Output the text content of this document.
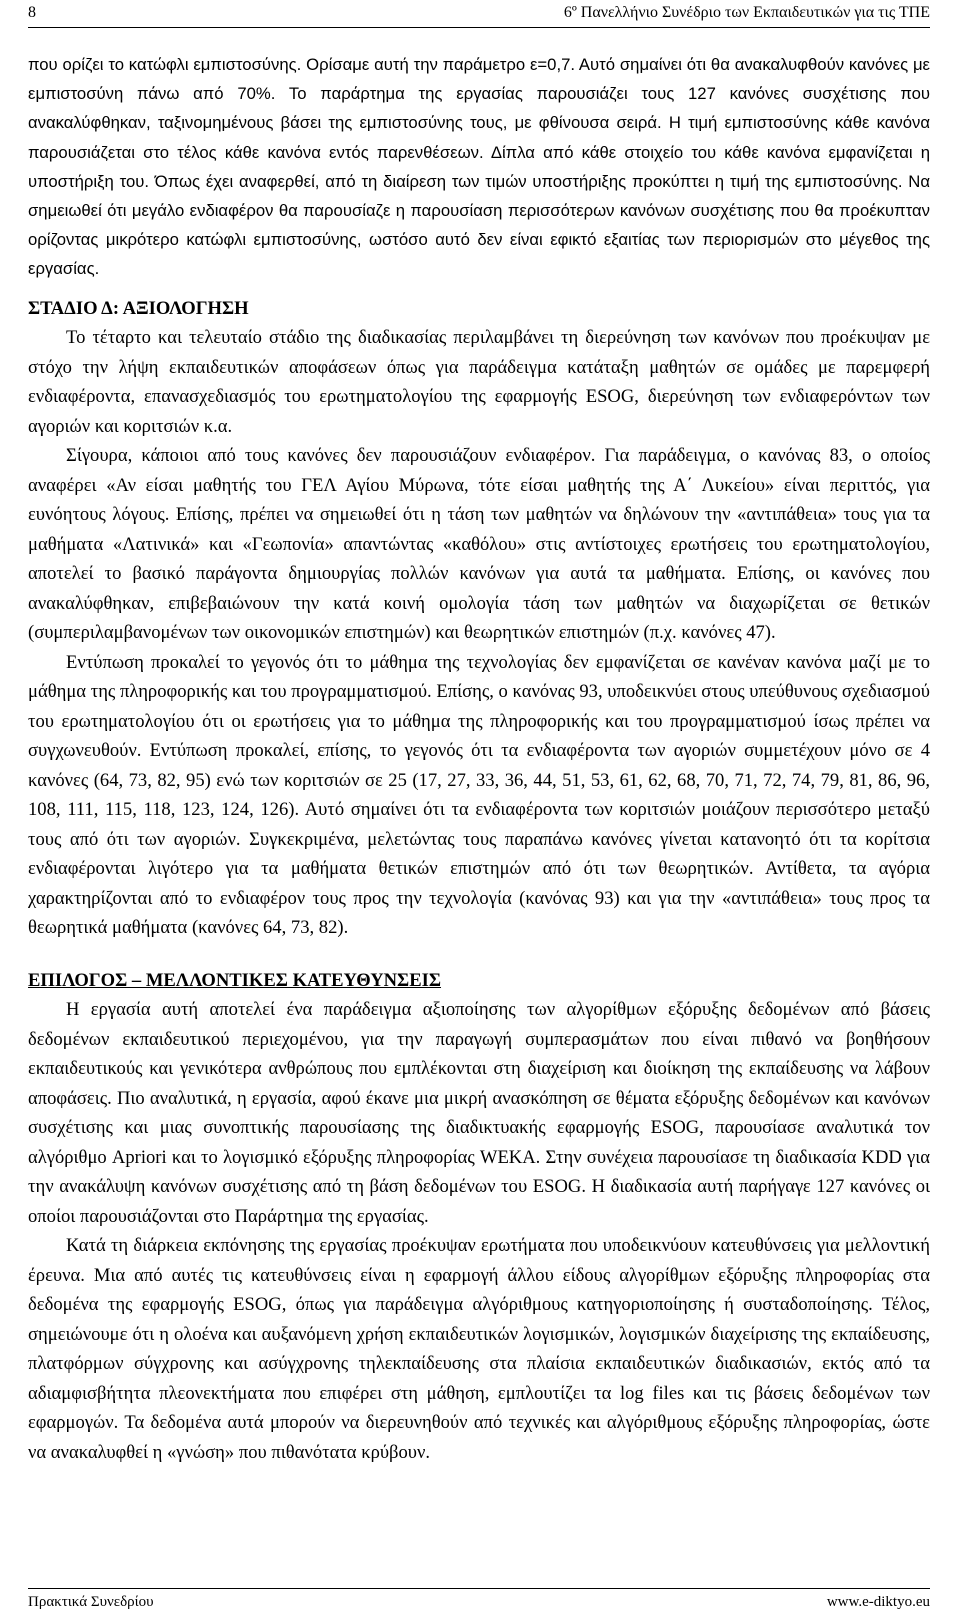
8	6º Πανελλήνιο Συνέδριο των Εκπαιδευτικών για τις ΤΠΕ

που ορίζει το κατώφλι εμπιστοσύνης. Ορίσαμε αυτή την παράμετρο ε=0,7. Αυτό σημαίνει ότι θα ανακαλυφθούν κανόνες με εμπιστοσύνη πάνω από 70%. Το παράρτημα της εργασίας παρουσιάζει τους 127 κανόνες συσχέτισης που ανακαλύφθηκαν, ταξινομημένους βάσει της εμπιστοσύνης τους, με φθίνουσα σειρά. Η τιμή εμπιστοσύνης κάθε κανόνα παρουσιάζεται στο τέλος κάθε κανόνα εντός παρενθέσεων. Δίπλα από κάθε στοιχείο του κάθε κανόνα εμφανίζεται η υποστήριξη του. Όπως έχει αναφερθεί, από τη διαίρεση των τιμών υποστήριξης προκύπτει η τιμή της εμπιστοσύνης. Να σημειωθεί ότι μεγάλο ενδιαφέρον θα παρουσίαζε η παρουσίαση περισσότερων κανόνων συσχέτισης που θα προέκυπταν ορίζοντας μικρότερο κατώφλι εμπιστοσύνης, ωστόσο αυτό δεν είναι εφικτό εξαιτίας των περιορισμών στο μέγεθος της εργασίας.

ΣΤΑΔΙΟ Δ: ΑΞΙΟΛΟΓΗΣΗ

Το τέταρτο και τελευταίο στάδιο της διαδικασίας περιλαμβάνει τη διερεύνηση των κανόνων που προέκυψαν με στόχο την λήψη εκπαιδευτικών αποφάσεων όπως για παράδειγμα κατάταξη μαθητών σε ομάδες με παρεμφερή ενδιαφέροντα, επανασχεδιασμός του ερωτηματολογίου της εφαρμογής ESOG, διερεύνηση των ενδιαφερόντων των αγοριών και κοριτσιών κ.α.

Σίγουρα, κάποιοι από τους κανόνες δεν παρουσιάζουν ενδιαφέρον. Για παράδειγμα, ο κανόνας 83, ο οποίος αναφέρει «Αν είσαι μαθητής του ΓΕΛ Αγίου Μύρωνα, τότε είσαι μαθητής της Α΄ Λυκείου» είναι περιττός, για ευνόητους λόγους. Επίσης, πρέπει να σημειωθεί ότι η τάση των μαθητών να δηλώνουν την «αντιπάθεια» τους για τα μαθήματα «Λατινικά» και «Γεωπονία» απαντώντας «καθόλου» στις αντίστοιχες ερωτήσεις του ερωτηματολογίου, αποτελεί το βασικό παράγοντα δημιουργίας πολλών κανόνων για αυτά τα μαθήματα. Επίσης, οι κανόνες που ανακαλύφθηκαν, επιβεβαιώνουν την κατά κοινή ομολογία τάση των μαθητών να διαχωρίζεται σε θετικών (συμπεριλαμβανομένων των οικονομικών επιστημών) και θεωρητικών επιστημών (π.χ. κανόνες 47).

Εντύπωση προκαλεί το γεγονός ότι το μάθημα της τεχνολογίας δεν εμφανίζεται σε κανέναν κανόνα μαζί με το μάθημα της πληροφορικής και του προγραμματισμού. Επίσης, ο κανόνας 93, υποδεικνύει στους υπεύθυνους σχεδιασμού του ερωτηματολογίου ότι οι ερωτήσεις για το μάθημα της πληροφορικής και του προγραμματισμού ίσως πρέπει να συγχωνευθούν. Εντύπωση προκαλεί, επίσης, το γεγονός ότι τα ενδιαφέροντα των αγοριών συμμετέχουν μόνο σε 4 κανόνες (64, 73, 82, 95) ενώ των κοριτσιών σε 25 (17, 27, 33, 36, 44, 51, 53, 61, 62, 68, 70, 71, 72, 74, 79, 81, 86, 96, 108, 111, 115, 118, 123, 124, 126). Αυτό σημαίνει ότι τα ενδιαφέροντα των κοριτσιών μοιάζουν περισσότερο μεταξύ τους από ότι των αγοριών. Συγκεκριμένα, μελετώντας τους παραπάνω κανόνες γίνεται κατανοητό ότι τα κορίτσια ενδιαφέρονται λιγότερο για τα μαθήματα θετικών επιστημών από ότι των θεωρητικών. Αντίθετα, τα αγόρια χαρακτηρίζονται από το ενδιαφέρον τους προς την τεχνολογία (κανόνας 93) και για την «αντιπάθεια» τους προς τα θεωρητικά μαθήματα (κανόνες 64, 73, 82).

ΕΠΙΛΟΓΟΣ – ΜΕΛΛΟΝΤΙΚΕΣ ΚΑΤΕΥΘΥΝΣΕΙΣ

Η εργασία αυτή αποτελεί ένα παράδειγμα αξιοποίησης των αλγορίθμων εξόρυξης δεδομένων από βάσεις δεδομένων εκπαιδευτικού περιεχομένου, για την παραγωγή συμπερασμάτων που είναι πιθανό να βοηθήσουν εκπαιδευτικούς και γενικότερα ανθρώπους που εμπλέκονται στη διαχείριση και διοίκηση της εκπαίδευσης να λάβουν αποφάσεις. Πιο αναλυτικά, η εργασία, αφού έκανε μια μικρή ανασκόπηση σε θέματα εξόρυξης δεδομένων και κανόνων συσχέτισης και μιας συνοπτικής παρουσίασης της διαδικτυακής εφαρμογής ESOG, παρουσίασε αναλυτικά τον αλγόριθμο Apriori και το λογισμικό εξόρυξης πληροφορίας WEKA. Στην συνέχεια παρουσίασε τη διαδικασία KDD για την ανακάλυψη κανόνων συσχέτισης από τη βάση δεδομένων του ESOG. Η διαδικασία αυτή παρήγαγε 127 κανόνες οι οποίοι παρουσιάζονται στο Παράρτημα της εργασίας.

Κατά τη διάρκεια εκπόνησης της εργασίας προέκυψαν ερωτήματα που υποδεικνύουν κατευθύνσεις για μελλοντική έρευνα. Μια από αυτές τις κατευθύνσεις είναι η εφαρμογή άλλου είδους αλγορίθμων εξόρυξης πληροφορίας στα δεδομένα της εφαρμογής ESOG, όπως για παράδειγμα αλγόριθμους κατηγοριοποίησης ή συσταδοποίησης. Τέλος, σημειώνουμε ότι η ολοένα και αυξανόμενη χρήση εκπαιδευτικών λογισμικών, λογισμικών διαχείρισης της εκπαίδευσης, πλατφόρμων σύγχρονης και ασύγχρονης τηλεκπαίδευσης στα πλαίσια εκπαιδευτικών διαδικασιών, εκτός από τα αδιαμφισβήτητα πλεονεκτήματα που επιφέρει στη μάθηση, εμπλουτίζει τα log files και τις βάσεις δεδομένων των εφαρμογών. Τα δεδομένα αυτά μπορούν να διερευνηθούν από τεχνικές και αλγόριθμους εξόρυξης πληροφορίας, ώστε να ανακαλυφθεί η «γνώση» που πιθανότατα κρύβουν.

Πρακτικά Συνεδρίου	www.e-diktyo.eu
